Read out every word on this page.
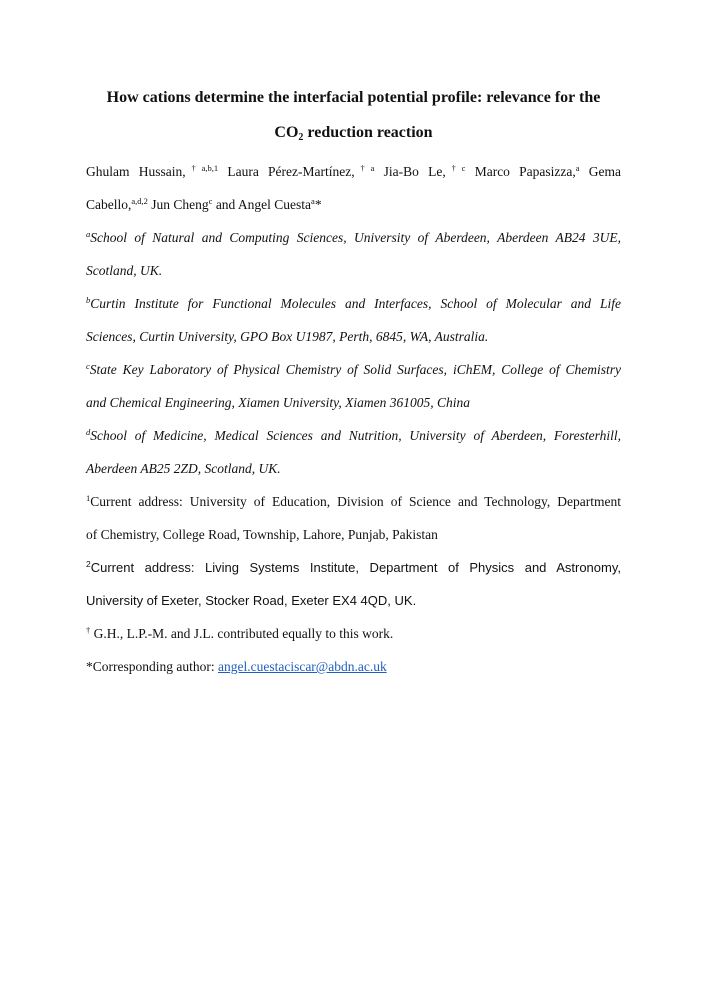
How cations determine the interfacial potential profile: relevance for the
$CO_2$ reduction reaction
Ghulam Hussain,$^{\dagger a,b,1}$ Laura Pérez-Martínez,$^{\dagger a}$ Jia-Bo Le,$^{\dagger c}$ Marco Papasizza,$^a$ Gema
Cabello,$^{a,d,2}$ Jun Cheng$^c$ and Angel Cuesta$^a$*
$^a$School of Natural and Computing Sciences, University of Aberdeen, Aberdeen AB24 3UE,
Scotland, UK.
$^b$Curtin Institute for Functional Molecules and Interfaces, School of Molecular and Life
Sciences, Curtin University, GPO Box U1987, Perth, 6845, WA, Australia.
$^c$State Key Laboratory of Physical Chemistry of Solid Surfaces, iChEM, College of Chemistry
and Chemical Engineering, Xiamen University, Xiamen 361005, China
$^d$School of Medicine, Medical Sciences and Nutrition, University of Aberdeen, Foresterhill,
Aberdeen AB25 2ZD, Scotland, UK.
$^1$Current address: University of Education, Division of Science and Technology, Department
of Chemistry, College Road, Township, Lahore, Punjab, Pakistan
$^2$Current address: Living Systems Institute, Department of Physics and Astronomy,
University of Exeter, Stocker Road, Exeter EX4 4QD, UK.
† G.H., L.P.-M. and J.L. contributed equally to this work.
*Corresponding author: angel.cuestaciscar@abdn.ac.uk
